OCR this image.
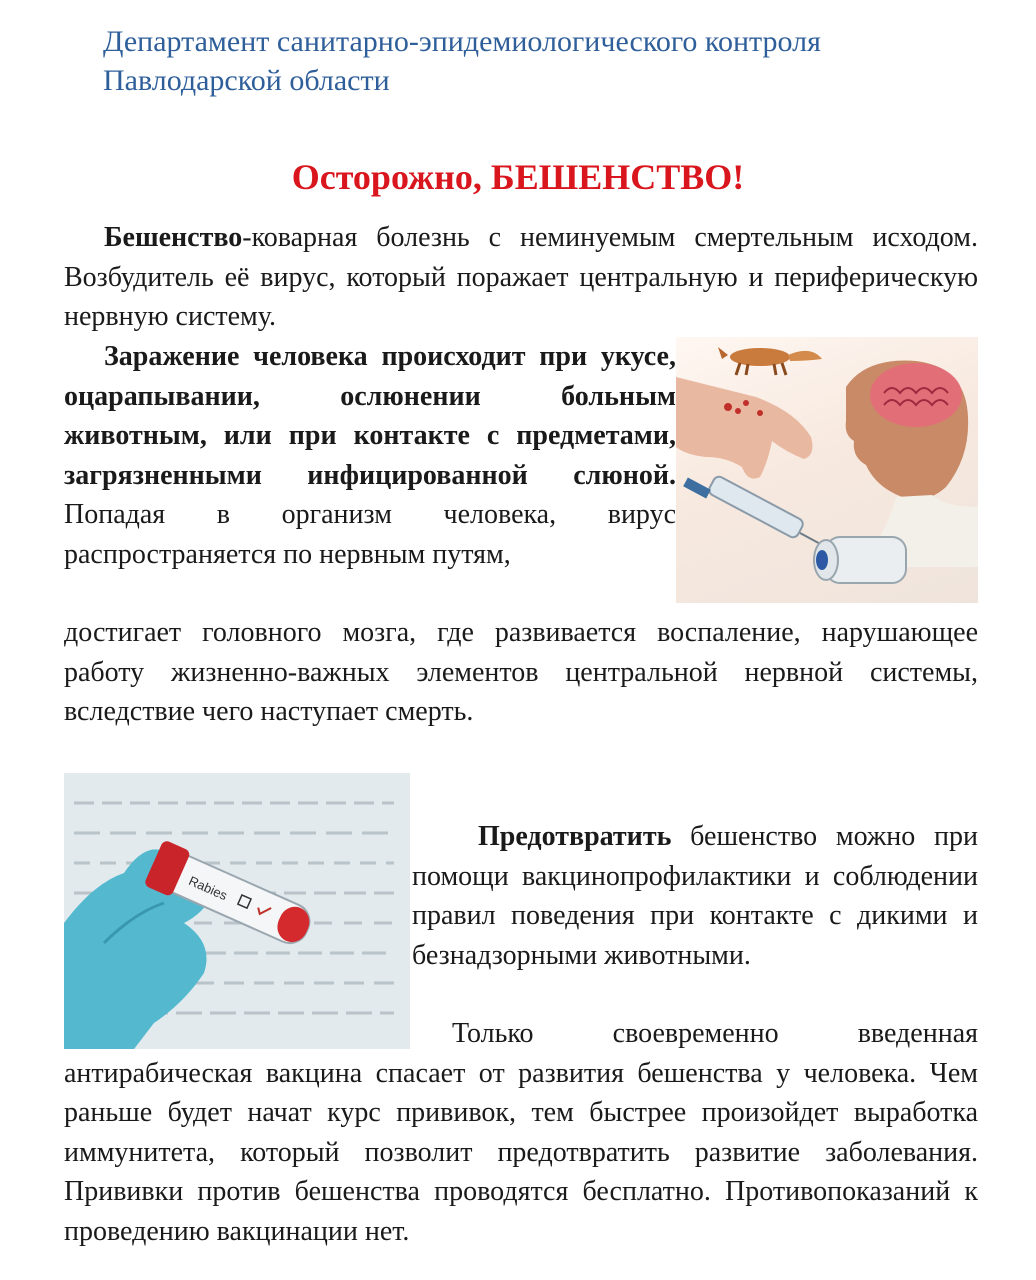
Департамент санитарно-эпидемиологического контроля
Павлодарской области
Осторожно, БЕШЕНСТВО!

Бешенство-коварная болезнь с неминуемым смертельным исходом. Возбудитель её вирус, который поражает центральную и периферическую нервную систему.

Заражение человека происходит при укусе, оцарапывании, ослюнении больным животным, или при контакте с предметами, загрязненными инфицированной слюной. Попадая в организм человека, вирус распространяется по нервным путям,

достигает головного мозга, где развивается воспаление, нарушающее работу жизненно-важных элементов центральной нервной системы, вследствие чего наступает смерть.

Rabies

Предотвратить бешенство можно при помощи вакцинопрофилактики и соблюдении правил поведения при контакте с дикими и безнадзорными животными.

Только своевременно введенная антирабическая вакцина спасает от развития бешенства у человека. Чем раньше будет начат курс прививок, тем быстрее произойдет выработка иммунитета, который позволит предотвратить развитие заболевания. Прививки против бешенства проводятся бесплатно. Противопоказаний к проведению вакцинации нет.
